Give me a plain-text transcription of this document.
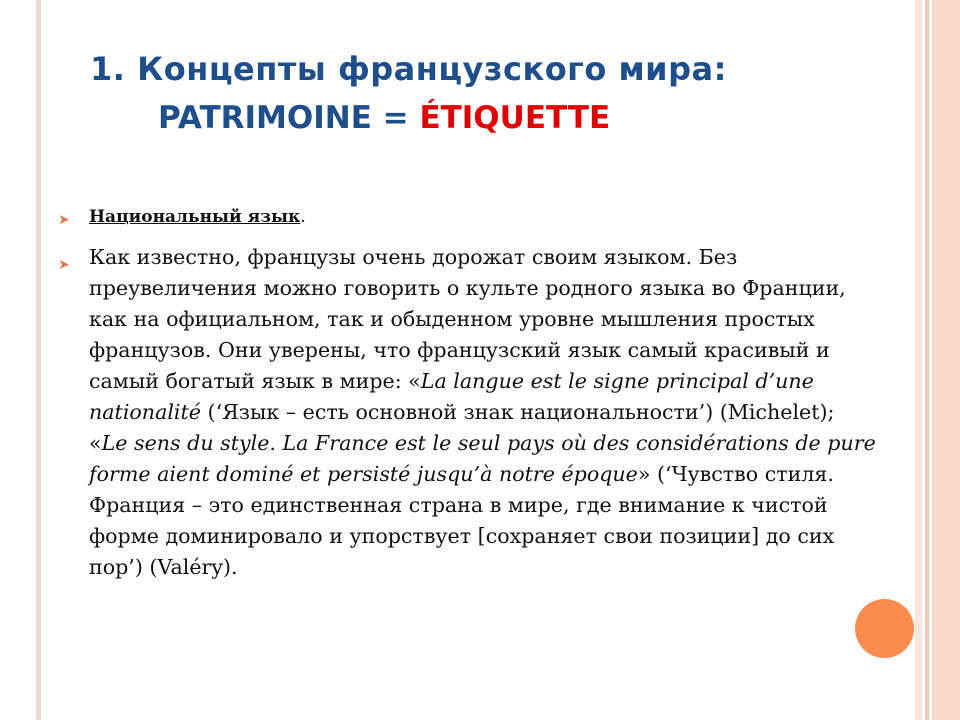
1. Концепты французского мира:
PATRIMOINE = ÉTIQUETTE
➤ Национальный язык.
➤ Как известно, французы очень дорожат своим языком. Без преувеличения можно говорить о культе родного языка во Франции, как на официальном, так и обыденном уровне мышления простых французов. Они уверены, что французский язык самый красивый и самый богатый язык в мире: «La langue est le signe principal d’une nationalité (‘Язык – есть основной знак национальности’) (Michelet); «Le sens du style. La France est le seul pays où des considérations de pure forme aient dominé et persisté jusqu’à notre époque» (‘Чувство стиля. Франция – это единственная страна в мире, где внимание к чистой форме доминировало и упорствует [сохраняет свои позиции] до сих пор’) (Valéry).
